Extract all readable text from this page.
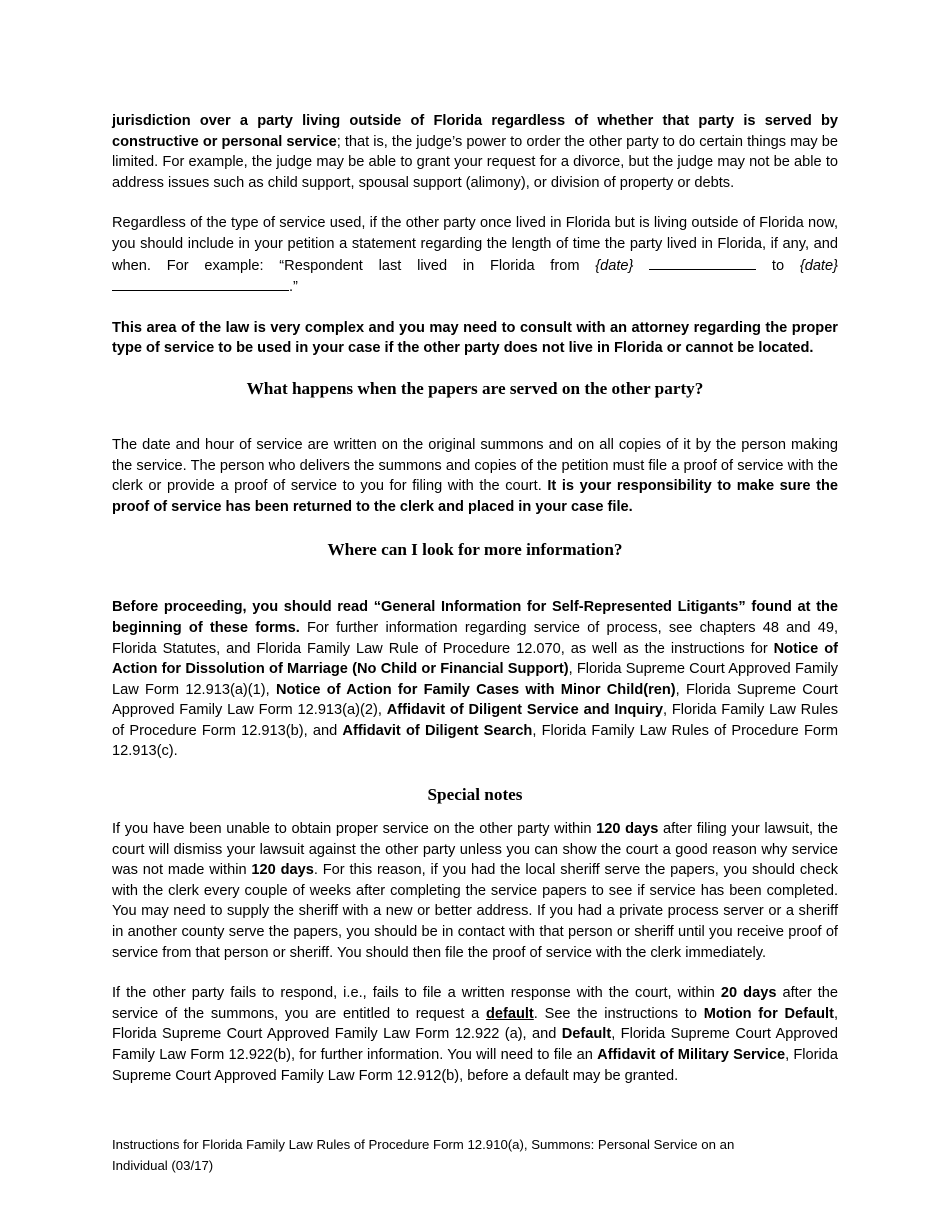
jurisdiction over a party living outside of Florida regardless of whether that party is served by constructive or personal service; that is, the judge’s power to order the other party to do certain things may be limited. For example, the judge may be able to grant your request for a divorce, but the judge may not be able to address issues such as child support, spousal support (alimony), or division of property or debts.

Regardless of the type of service used, if the other party once lived in Florida but is living outside of Florida now, you should include in your petition a statement regarding the length of time the party lived in Florida, if any, and when. For example: “Respondent last lived in Florida from {date}	to {date} .”

This area of the law is very complex and you may need to consult with an attorney regarding the proper type of service to be used in your case if the other party does not live in Florida or cannot be located.

What happens when the papers are served on the other party?

The date and hour of service are written on the original summons and on all copies of it by the person making the service. The person who delivers the summons and copies of the petition must file a proof of service with the clerk or provide a proof of service to you for filing with the court. It is your responsibility to make sure the proof of service has been returned to the clerk and placed in your case file.

Where can I look for more information?

Before proceeding, you should read “General Information for Self-Represented Litigants” found at the beginning of these forms. For further information regarding service of process, see chapters 48 and 49, Florida Statutes, and Florida Family Law Rule of Procedure 12.070, as well as the instructions for Notice of Action for Dissolution of Marriage (No Child or Financial Support), Florida Supreme Court Approved Family Law Form 12.913(a)(1), Notice of Action for Family Cases with Minor Child(ren), Florida Supreme Court Approved Family Law Form 12.913(a)(2), Affidavit of Diligent Service and Inquiry, Florida Family Law Rules of Procedure Form 12.913(b), and Affidavit of Diligent Search, Florida Family Law Rules of Procedure Form 12.913(c).

Special notes

If you have been unable to obtain proper service on the other party within 120 days after filing your lawsuit, the court will dismiss your lawsuit against the other party unless you can show the court a good reason why service was not made within 120 days. For this reason, if you had the local sheriff serve the papers, you should check with the clerk every couple of weeks after completing the service papers to see if service has been completed. You may need to supply the sheriff with a new or better address. If you had a private process server or a sheriff in another county serve the papers, you should be in contact with that person or sheriff until you receive proof of service from that person or sheriff. You should then file the proof of service with the clerk immediately.

If the other party fails to respond, i.e., fails to file a written response with the court, within 20 days after the service of the summons, you are entitled to request a default. See the instructions to Motion for Default, Florida Supreme Court Approved Family Law Form 12.922 (a), and Default, Florida Supreme Court Approved Family Law Form 12.922(b), for further information. You will need to file an Affidavit of Military Service, Florida Supreme Court Approved Family Law Form 12.912(b), before a default may be granted.

Instructions for Florida Family Law Rules of Procedure Form 12.910(a), Summons: Personal Service on an
Individual (03/17)
